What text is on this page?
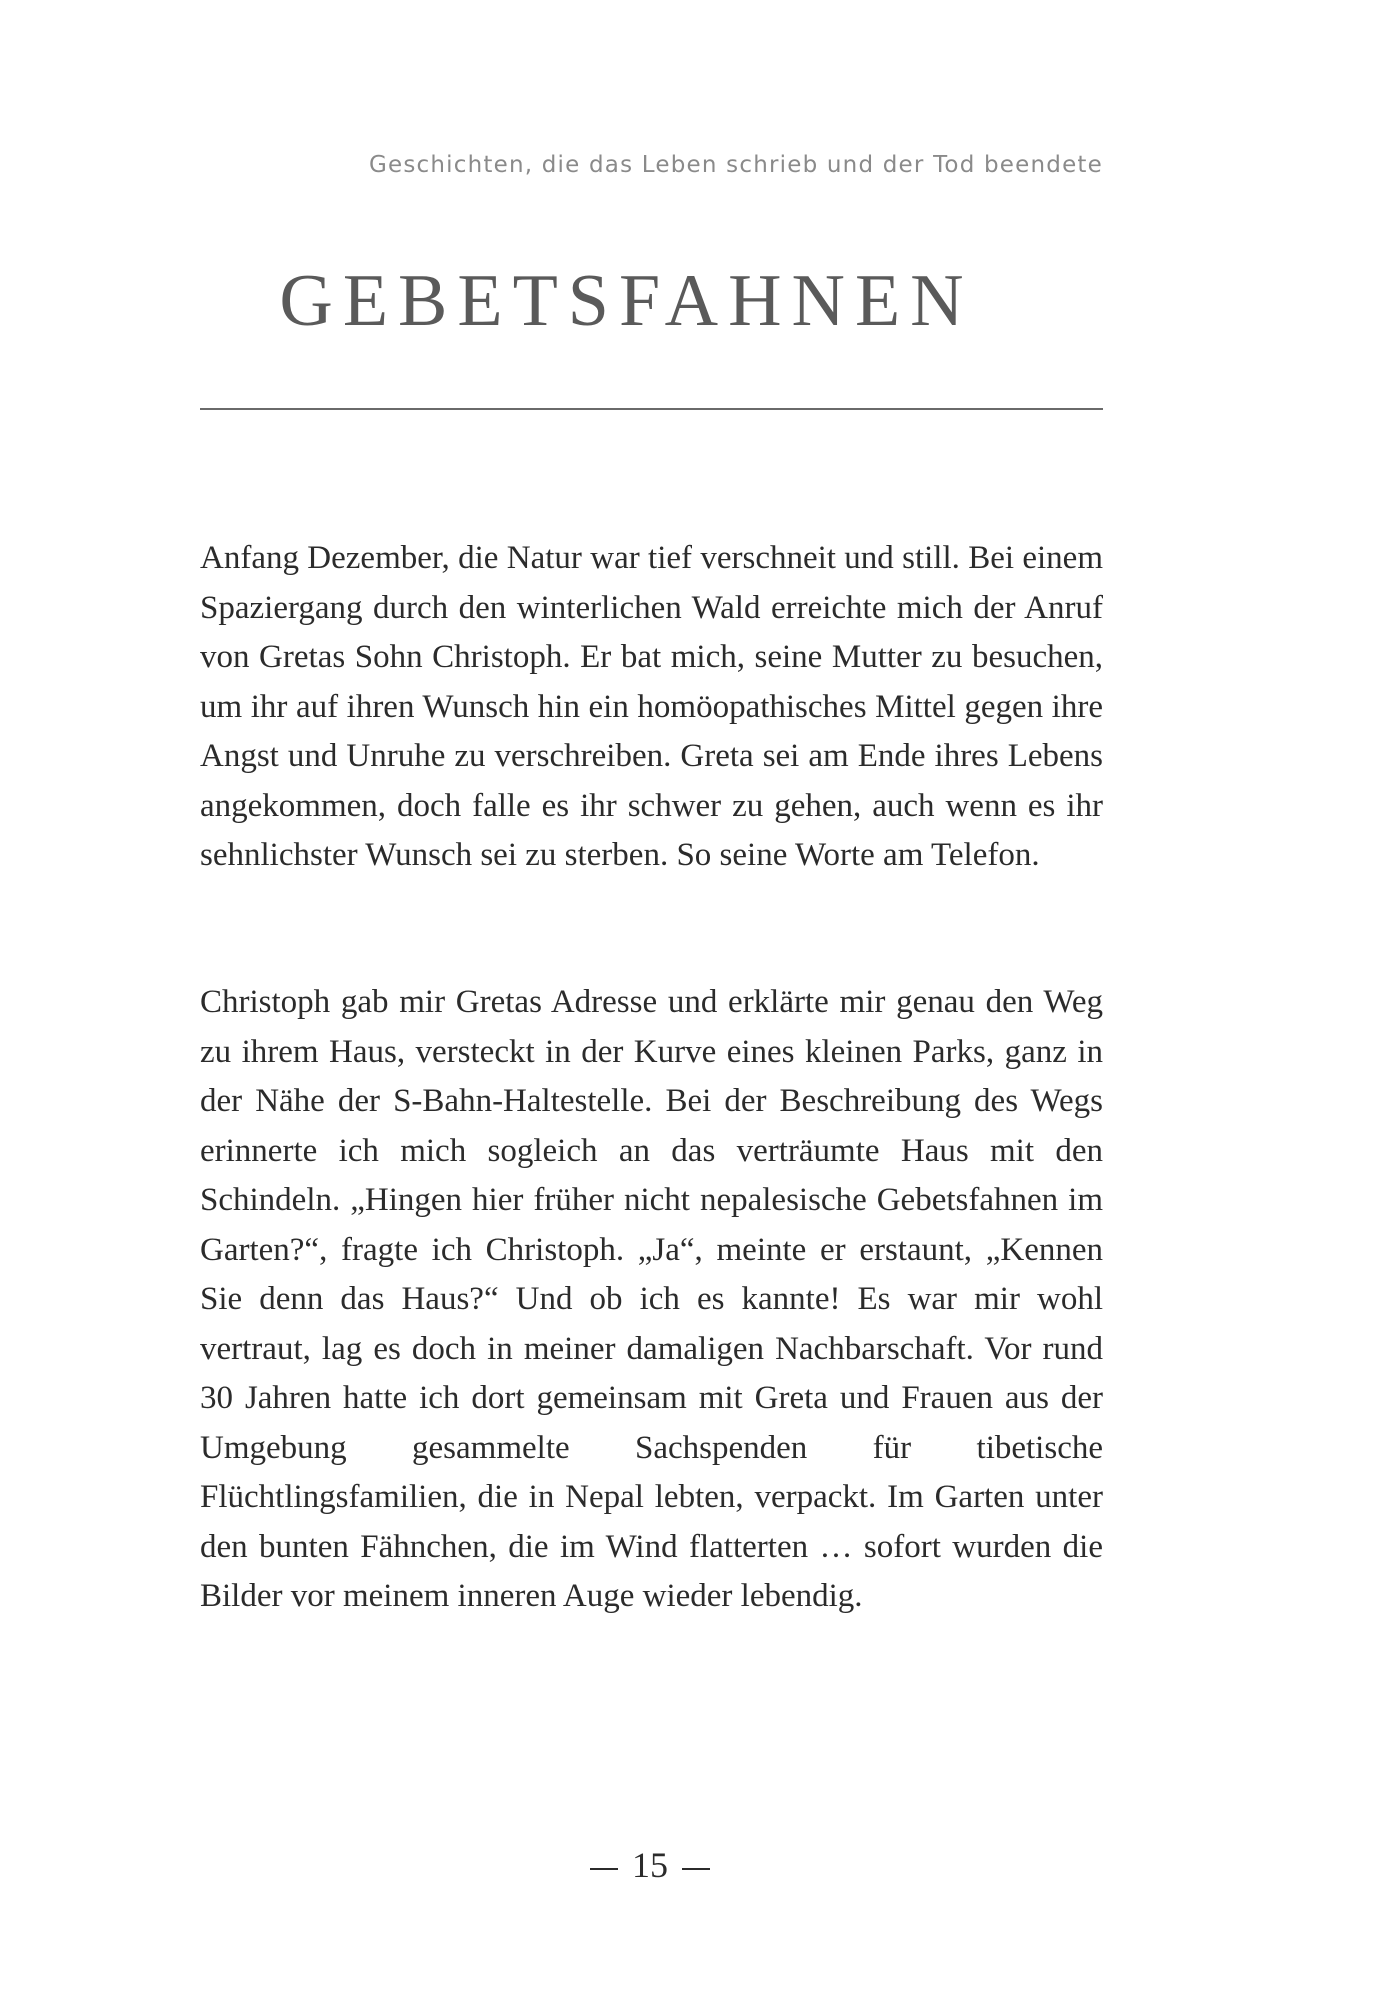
Geschichten, die das Leben schrieb und der Tod beendete
GEBETSFAHNEN

Anfang Dezember, die Natur war tief verschneit und still. Bei einem Spaziergang durch den winterlichen Wald erreichte mich der Anruf von Gretas Sohn Christoph. Er bat mich, seine Mutter zu besuchen, um ihr auf ihren Wunsch hin ein homöopathisches Mittel gegen ihre Angst und Unruhe zu verschreiben. Greta sei am Ende ihres Lebens angekommen, doch falle es ihr schwer zu gehen, auch wenn es ihr sehnlichster Wunsch sei zu sterben. So seine Worte am Telefon.

Christoph gab mir Gretas Adresse und erklärte mir genau den Weg zu ihrem Haus, versteckt in der Kurve eines kleinen Parks, ganz in der Nähe der S-Bahn-Haltestelle. Bei der Beschreibung des Wegs erinnerte ich mich sogleich an das verträumte Haus mit den Schindeln. „Hingen hier früher nicht nepalesische Gebetsfahnen im Garten?“, fragte ich Christoph. „Ja“, meinte er erstaunt, „Kennen Sie denn das Haus?“ Und ob ich es kannte! Es war mir wohl vertraut, lag es doch in meiner damaligen Nachbarschaft. Vor rund 30 Jahren hatte ich dort gemeinsam mit Greta und Frauen aus der Umgebung gesammelte Sachspenden für tibetische Flüchtlingsfamilien, die in Nepal lebten, verpackt. Im Garten unter den bunten Fähnchen, die im Wind flatterten … sofort wurden die Bilder vor meinem inneren Auge wieder lebendig.

15
